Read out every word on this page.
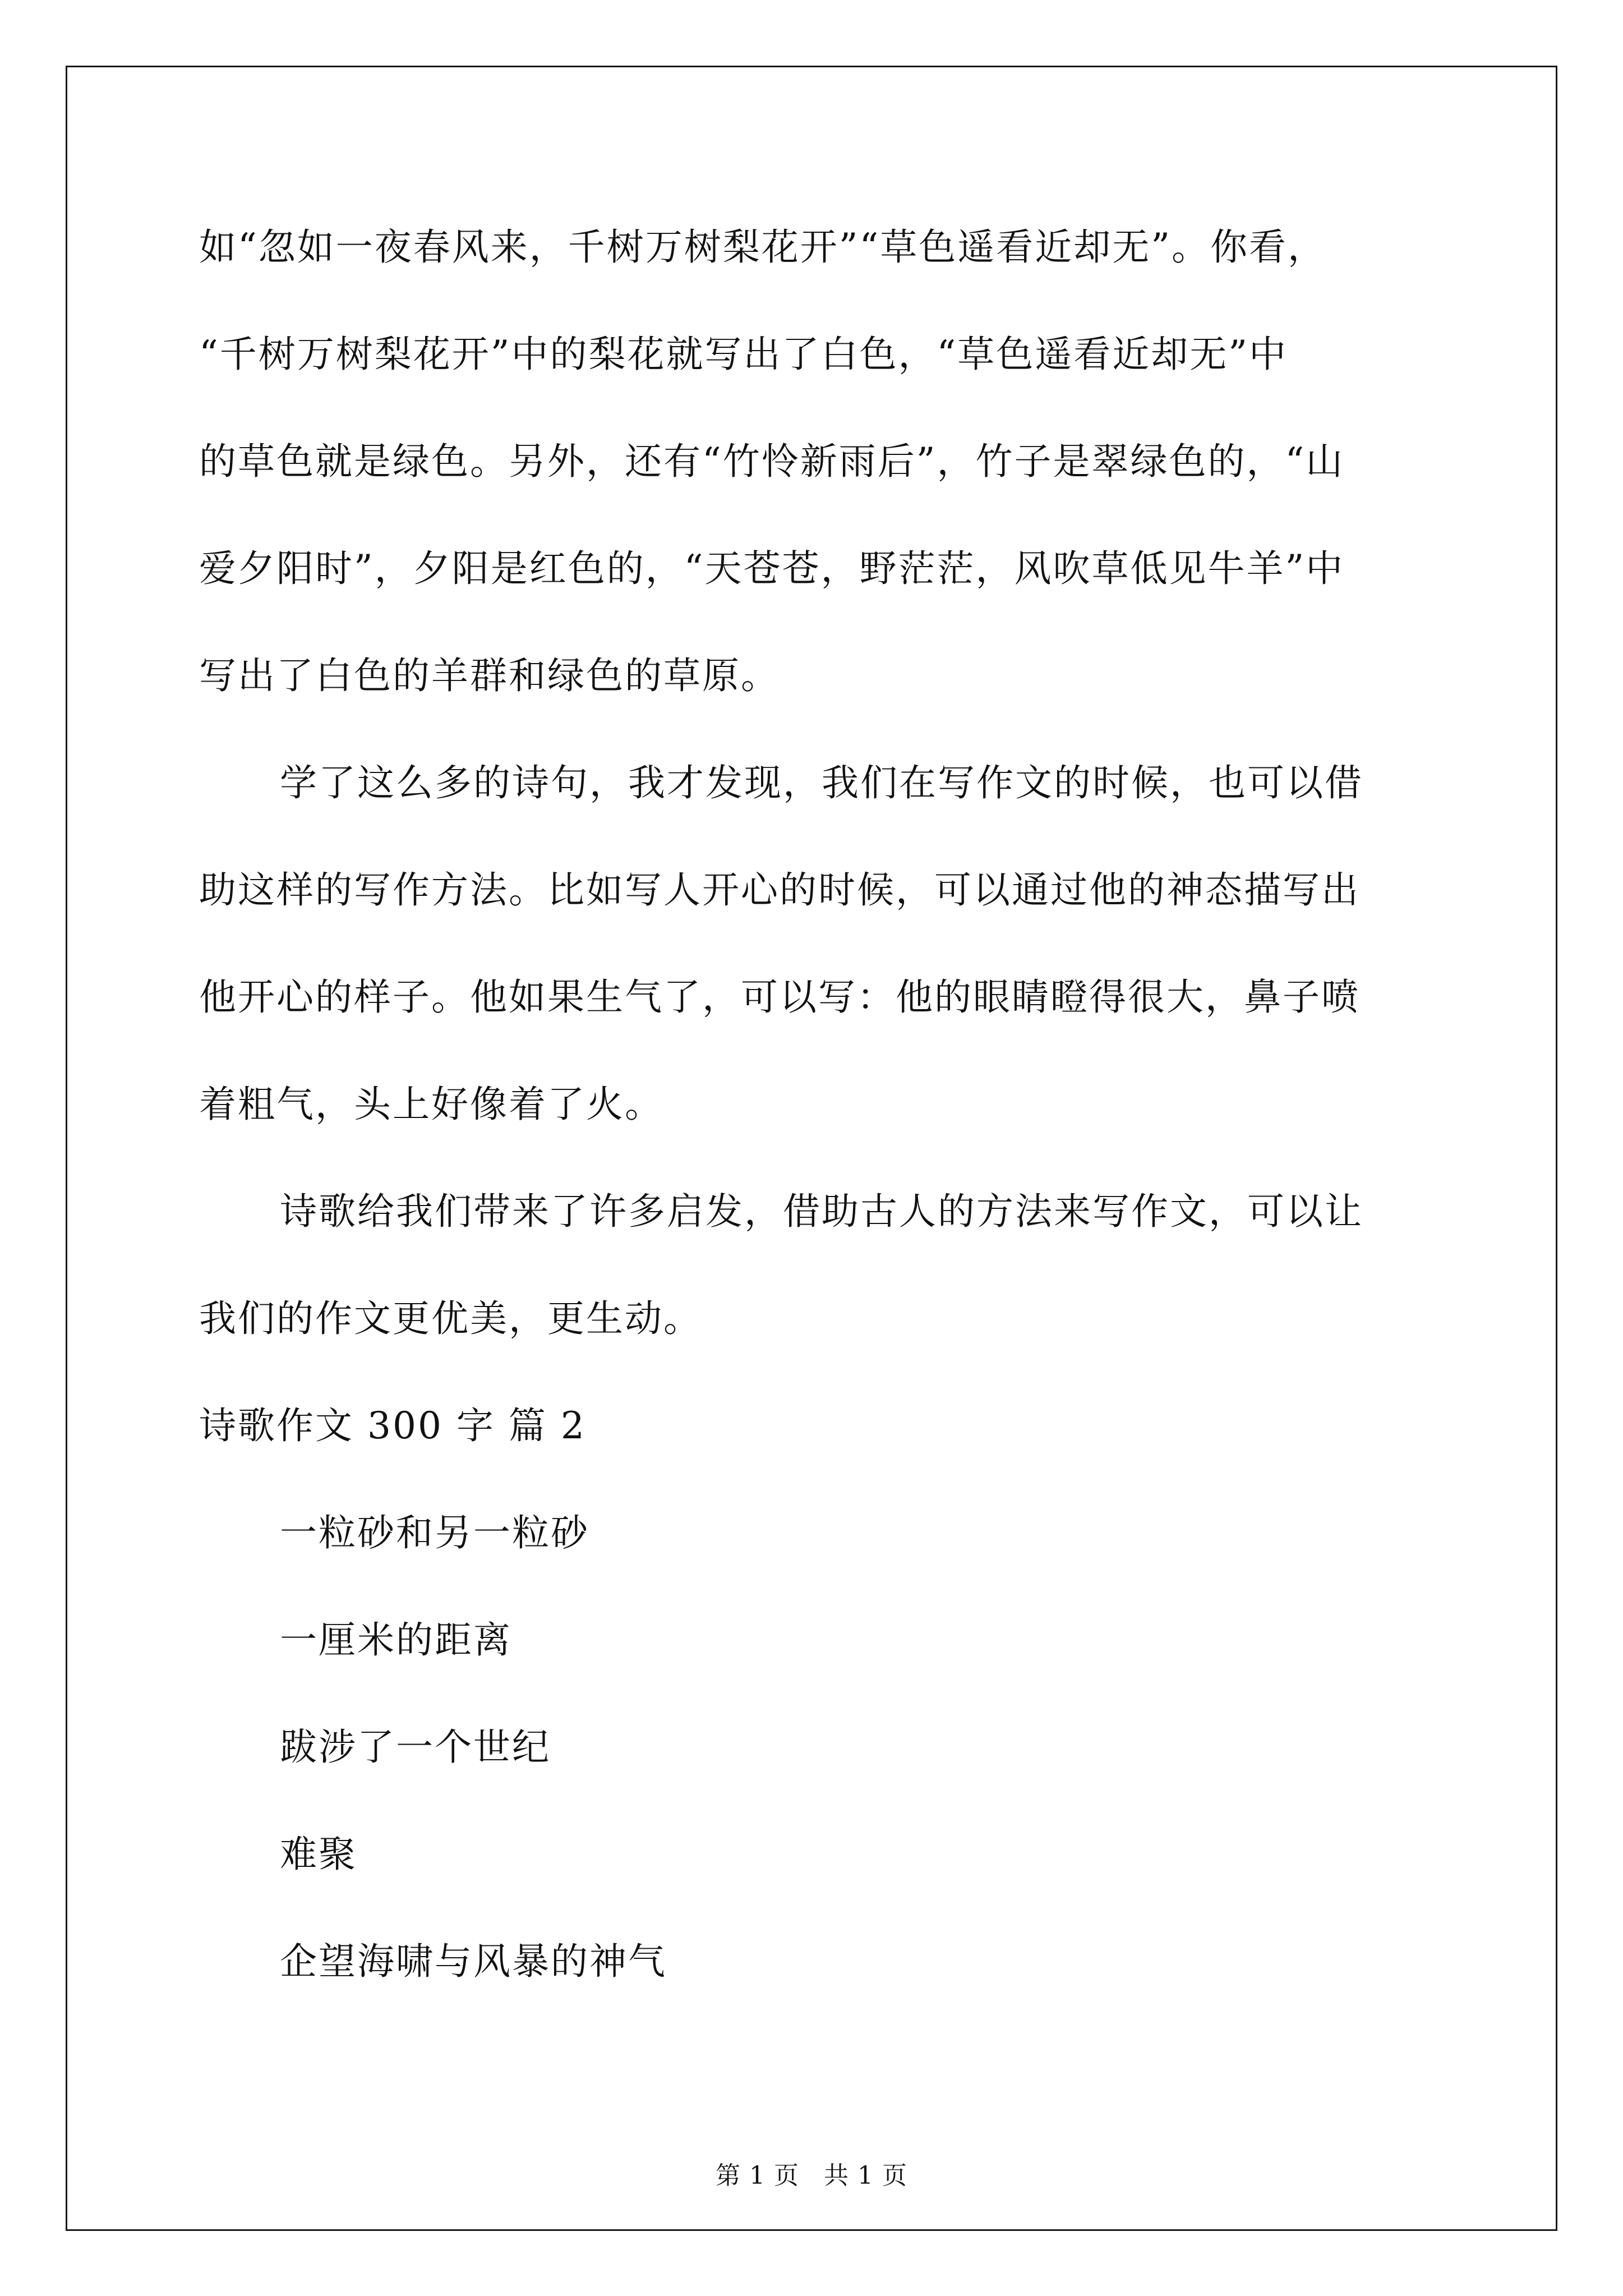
如“忽如一夜春风来，千树万树梨花开”“草色遥看近却无”。你看，
“千树万树梨花开”中的梨花就写出了白色，“草色遥看近却无”中
的草色就是绿色。另外，还有“竹怜新雨后”，竹子是翠绿色的，“山
爱夕阳时”，夕阳是红色的，“天苍苍，野茫茫，风吹草低见牛羊”中
写出了白色的羊群和绿色的草原。

学了这么多的诗句，我才发现，我们在写作文的时候，也可以借
助这样的写作方法。比如写人开心的时候，可以通过他的神态描写出
他开心的样子。他如果生气了，可以写：他的眼睛瞪得很大，鼻子喷
着粗气，头上好像着了火。

诗歌给我们带来了许多启发，借助古人的方法来写作文，可以让
我们的作文更优美，更生动。

诗歌作文 300 字 篇 2
一粒砂和另一粒砂
一厘米的距离
跋涉了一个世纪
难聚
企望海啸与风暴的神气
第 1 页 共 1 页
